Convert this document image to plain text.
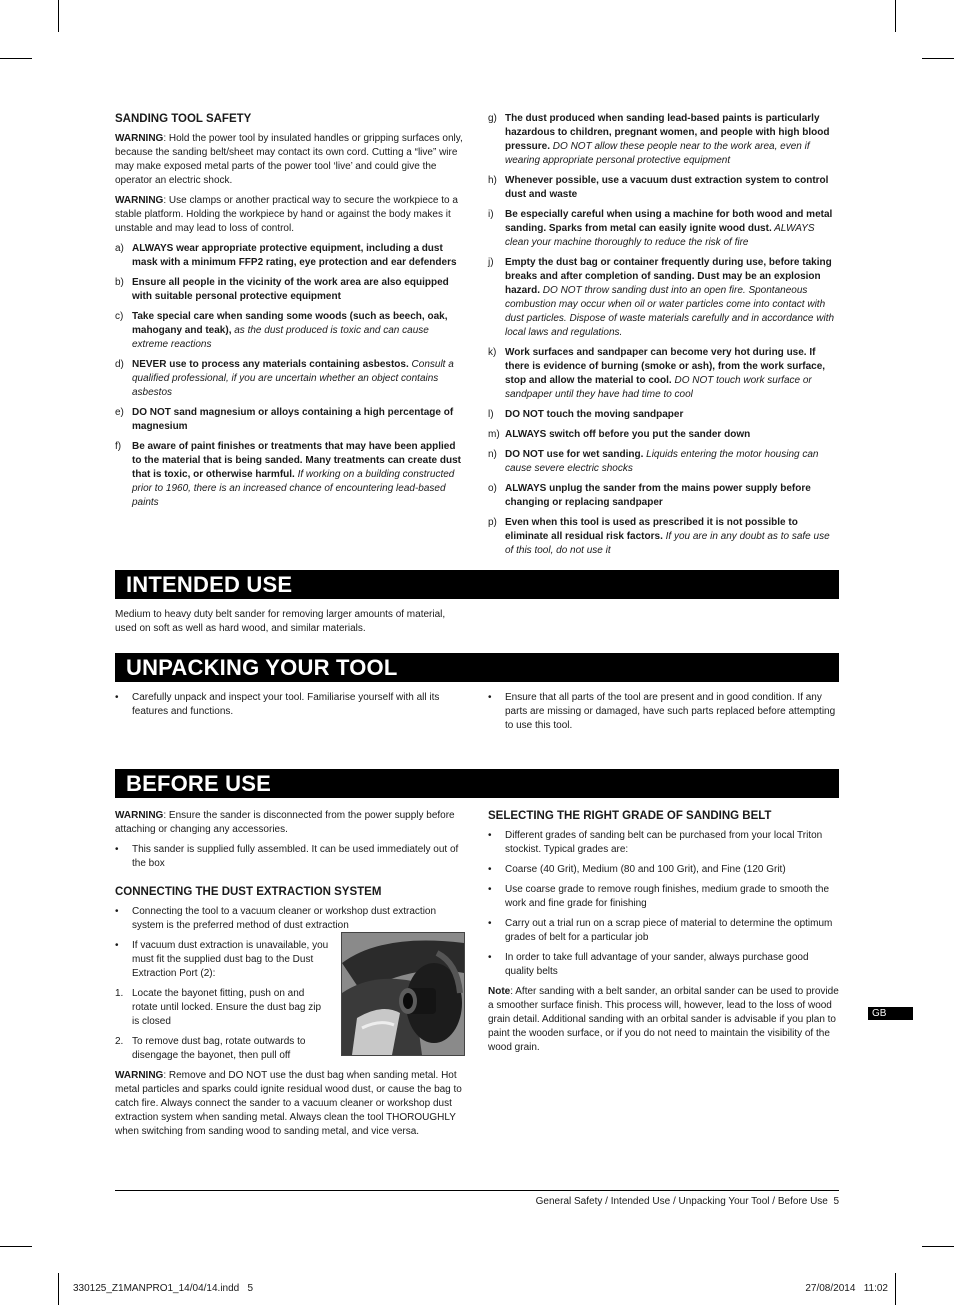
SANDING TOOL SAFETY

WARNING: Hold the power tool by insulated handles or gripping surfaces only, because the sanding belt/sheet may contact its own cord. Cutting a “live” wire may make exposed metal parts of the power tool ‘live’ and could give the operator an electric shock.

WARNING: Use clamps or another practical way to secure the workpiece to a stable platform. Holding the workpiece by hand or against the body makes it unstable and may lead to loss of control.

a) ALWAYS wear appropriate protective equipment, including a dust mask with a minimum FFP2 rating, eye protection and ear defenders
b) Ensure all people in the vicinity of the work area are also equipped with suitable personal protective equipment
c) Take special care when sanding some woods (such as beech, oak, mahogany and teak), as the dust produced is toxic and can cause extreme reactions
d) NEVER use to process any materials containing asbestos. Consult a qualified professional, if you are uncertain whether an object contains asbestos
e) DO NOT sand magnesium or alloys containing a high percentage of magnesium
f)	Be aware of paint finishes or treatments that may have been applied to the material that is being sanded. Many treatments can create dust that is toxic, or otherwise harmful. If working on a building constructed prior to 1960, there is an increased chance of encountering lead-based paints
g) The dust produced when sanding lead-based paints is particularly hazardous to children, pregnant women, and people with high blood pressure. DO NOT allow these people near to the work area, even if wearing appropriate personal protective equipment
h) Whenever possible, use a vacuum dust extraction system to control dust and waste
i)	Be especially careful when using a machine for both wood and metal sanding. Sparks from metal can easily ignite wood dust. ALWAYS clean your machine thoroughly to reduce the risk of fire
j)	Empty the dust bag or container frequently during use, before taking breaks and after completion of sanding. Dust may be an explosion hazard. DO NOT throw sanding dust into an open fire. Spontaneous combustion may occur when oil or water particles come into contact with dust particles. Dispose of waste materials carefully and in accordance with local laws and regulations.
k) Work surfaces and sandpaper can become very hot during use. If there is evidence of burning (smoke or ash), from the work surface, stop and allow the material to cool. DO NOT touch work surface or sandpaper until they have had time to cool
l)	DO NOT touch the moving sandpaper
m) ALWAYS switch off before you put the sander down
n) DO NOT use for wet sanding. Liquids entering the motor housing can cause severe electric shocks
o) ALWAYS unplug the sander from the mains power supply before changing or replacing sandpaper
p) Even when this tool is used as prescribed it is not possible to eliminate all residual risk factors. If you are in any doubt as to safe use of this tool, do not use it
INTENDED USE

Medium to heavy duty belt sander for removing larger amounts of material, used on soft as well as hard wood, and similar materials.

UNPACKING YOUR TOOL
•	Carefully unpack and inspect your tool. Familiarise yourself with all its features and functions.
•	Ensure that all parts of the tool are present and in good condition. If any parts are missing or damaged, have such parts replaced before attempting to use this tool.
BEFORE USE

WARNING: Ensure the sander is disconnected from the power supply before attaching or changing any accessories.

•	This sander is supplied fully assembled. It can be used immediately out of the box
CONNECTING THE DUST EXTRACTION SYSTEM
•	Connecting the tool to a vacuum cleaner or workshop dust extraction system is the preferred method of dust extraction
•	If vacuum dust extraction is unavailable, you must fit the supplied dust bag to the Dust Extraction Port (2):
1. Locate the bayonet fitting, push on and rotate until locked. Ensure the dust bag zip is closed
2. To remove dust bag, rotate outwards to disengage the bayonet, then pull off

WARNING: Remove and DO NOT use the dust bag when sanding metal. Hot metal particles and sparks could ignite residual wood dust, or cause the bag to catch fire. Always connect the sander to a vacuum cleaner or workshop dust extraction system when sanding metal. Always clean the tool THOROUGHLY when switching from sanding wood to sanding metal, and vice versa.

SELECTING THE RIGHT GRADE OF SANDING BELT
•	Different grades of sanding belt can be purchased from your local Triton stockist. Typical grades are:
•	Coarse (40 Grit), Medium (80 and 100 Grit), and Fine (120 Grit)
•	Use coarse grade to remove rough finishes, medium grade to smooth the work and fine grade for finishing
•	Carry out a trial run on a scrap piece of material to determine the optimum grades of belt for a particular job
•	In order to take full advantage of your sander, always purchase good quality belts

Note: After sanding with a belt sander, an orbital sander can be used to provide a smoother surface finish. This process will, however, lead to the loss of wood grain detail. Additional sanding with an orbital sander is advisable if you plan to paint the wooden surface, or if you do not need to maintain the visibility of the wood grain.

GB
General Safety / Intended Use / Unpacking Your Tool / Before Use 5
330125_Z1MANPRO1_14/04/14.indd   5	27/08/2014   11:02
